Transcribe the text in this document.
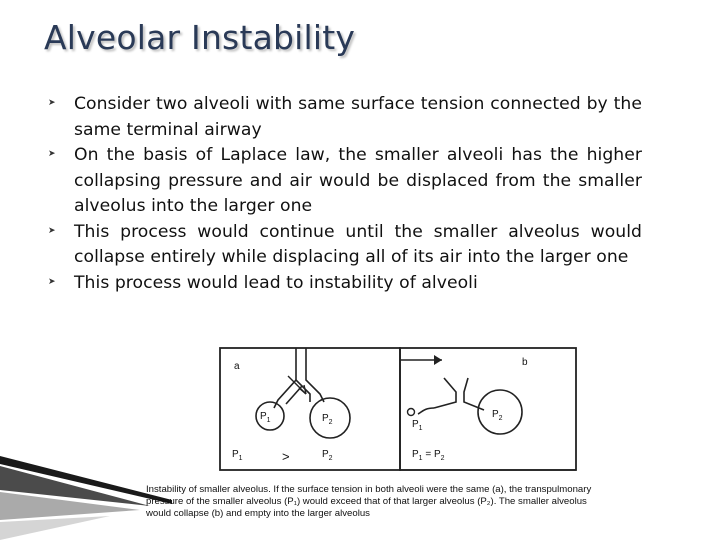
Alveolar Instability
➤ Consider two alveoli with same surface tension connected by the same terminal airway
➤ On the basis of Laplace law, the smaller alveoli has the higher collapsing pressure and air would be displaced from the smaller alveolus into the larger one
➤ This process would continue until the smaller alveolus would collapse entirely while displacing all of its air into the larger one
➤ This process would lead to instability of alveoli
a
$P_1$	$P_2$
$P_1$	>	$P_2$
b
$P_1$
$P_2$
$P_1 = P_2$
Instability of smaller alveolus. If the surface tension in both alveoli were the same (a), the transpulmonary pressure of the smaller alveolus (P₁) would exceed that of that larger alveolus (P₂). The smaller alveolus would collapse (b) and empty into the larger alveolus
